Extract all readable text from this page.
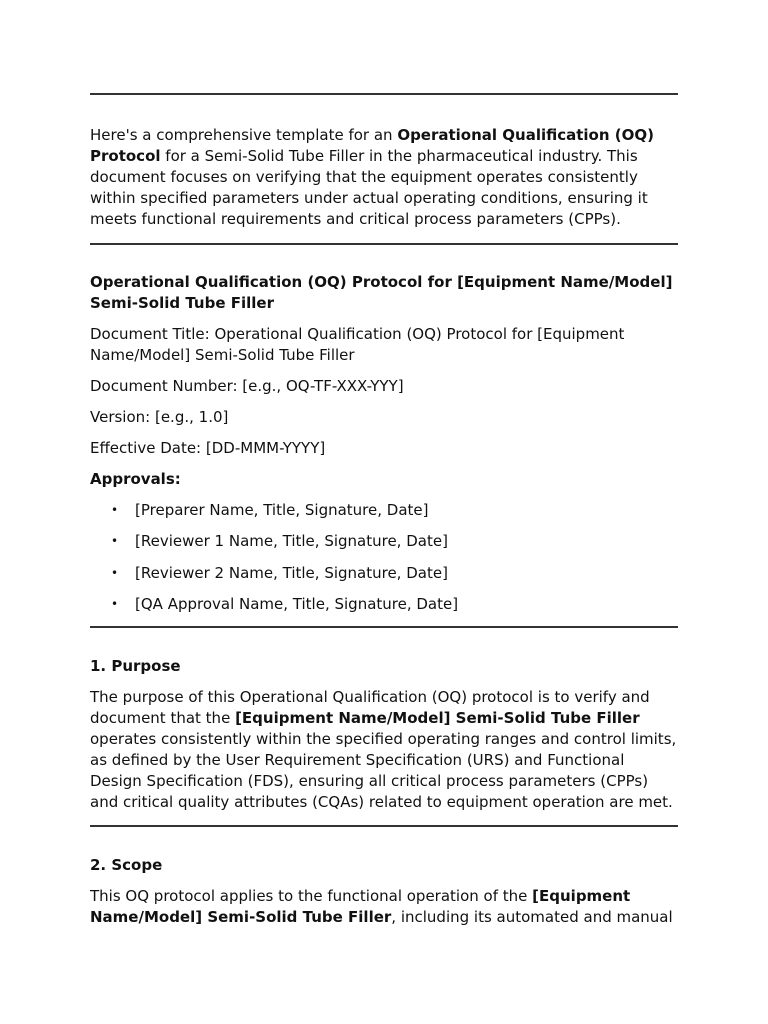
Here's a comprehensive template for an Operational Qualification (OQ) Protocol for a Semi-Solid Tube Filler in the pharmaceutical industry. This document focuses on verifying that the equipment operates consistently within specified parameters under actual operating conditions, ensuring it meets functional requirements and critical process parameters (CPPs).

Operational Qualification (OQ) Protocol for [Equipment Name/Model] Semi-Solid Tube Filler

Document Title: Operational Qualification (OQ) Protocol for [Equipment Name/Model] Semi-Solid Tube Filler

Document Number: [e.g., OQ-TF-XXX-YYY]

Version: [e.g., 1.0]

Effective Date: [DD-MMM-YYYY]

Approvals:

• [Preparer Name, Title, Signature, Date]
• [Reviewer 1 Name, Title, Signature, Date]
• [Reviewer 2 Name, Title, Signature, Date]
• [QA Approval Name, Title, Signature, Date]

1. Purpose

The purpose of this Operational Qualification (OQ) protocol is to verify and document that the [Equipment Name/Model] Semi-Solid Tube Filler operates consistently within the specified operating ranges and control limits, as defined by the User Requirement Specification (URS) and Functional Design Specification (FDS), ensuring all critical process parameters (CPPs) and critical quality attributes (CQAs) related to equipment operation are met.

2. Scope

This OQ protocol applies to the functional operation of the [Equipment Name/Model] Semi-Solid Tube Filler, including its automated and manual
